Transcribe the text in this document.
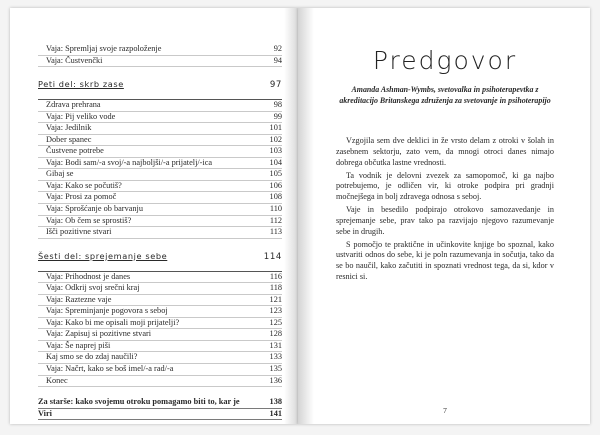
Vaja: Spremljaj svoje razpoloženje	92
Vaja: Čustvenčki	94
Peti del: skrb zase	97
Zdrava prehrana	98
Vaja: Pij veliko vode	99
Vaja: Jedilnik	101
Dober spanec	102
Čustvene potrebe	103
Vaja: Bodi sam/-a svoj/-a najboljši/-a prijatelj/-ica	104
Gibaj se	105
Vaja: Kako se počutiš?	106
Vaja: Prosi za pomoč	108
Vaja: Sprošćanje ob barvanju	110
Vaja: Ob čem se sprostiš?	112
Išči pozitivne stvari	113
Šesti del: sprejemanje sebe	114
Vaja: Prihodnost je danes	116
Vaja: Odkrij svoj srečni kraj	118
Vaja: Raztezne vaje	121
Vaja: Spreminjanje pogovora s seboj	123
Vaja: Kako bi me opisali moji prijatelji?	125
Vaja: Zapisuj si pozitivne stvari	128
Vaja: Še naprej piši	131
Kaj smo se do zdaj naučili?	133
Vaja: Načrt, kako se boš imel/-a rad/-a	135
Konec	136
Za starše: kako svojemu otroku pomagamo biti to, kar je	138
Viri	141
Predgovor
Amanda Ashman-Wymbs, svetovalka in psihoterapevtka z akreditacijo Britanskega združenja za svetovanje in psihoterapijo

Vzgojila sem dve deklici in že vrsto delam z otroki v šolah in zasebnem sektorju, zato vem, da mnogi otroci danes nimajo dobrega občutka lastne vrednosti.

Ta vodnik je delovni zvezek za samopomoč, ki ga najbo potrebujemo, je odličen vir, ki otroke podpira pri gradnji močnejšega in bolj zdravega odnosa s seboj.

Vaje in besedilo podpirajo otrokovo samozavedanje in sprejemanje sebe, prav tako pa razvijajo njegovo razumevanje sebe in drugih.

S pomočjo te praktične in učinkovite knjige bo spoznal, kako ustvariti odnos do sebe, ki je poln razumevanja in sočutja, tako da se bo naučil, kako začutiti in spoznati vrednost tega, da si, kdor v resnici si.

7
